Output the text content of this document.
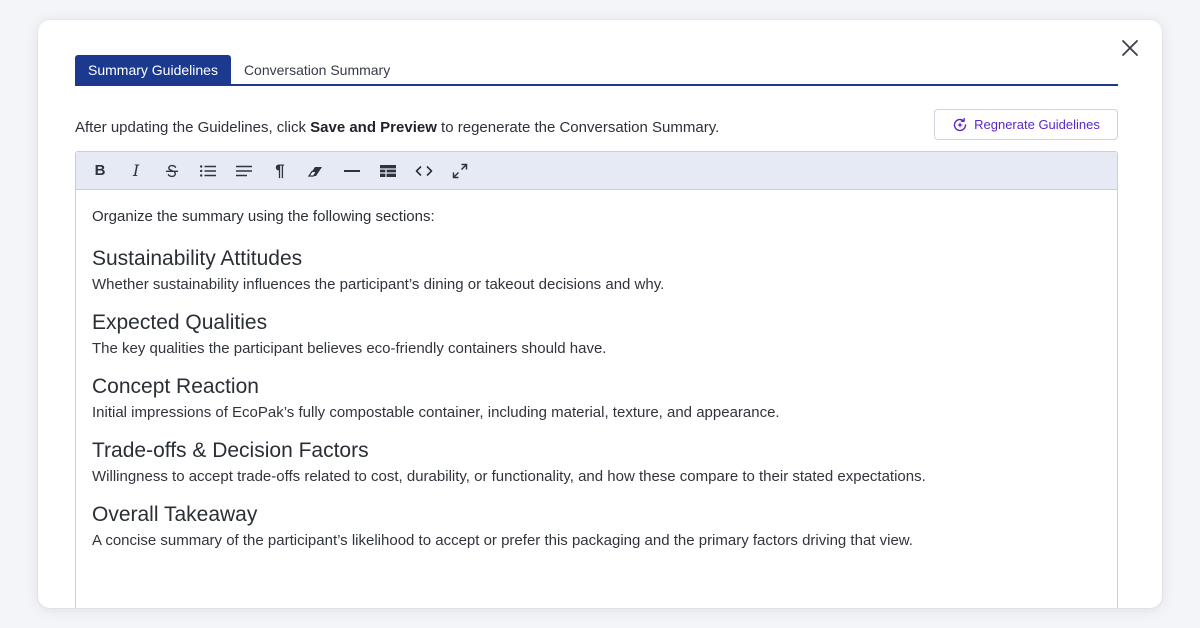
Summary Guidelines	Conversation Summary
After updating the Guidelines, click Save and Preview to regenerate the Conversation Summary.	Regnerate Guidelines
B	I	¶

Organize the summary using the following sections:

Sustainability Attitudes

Whether sustainability influences the participant’s dining or takeout decisions and why.

Expected Qualities

The key qualities the participant believes eco-friendly containers should have.

Concept Reaction

Initial impressions of EcoPak’s fully compostable container, including material, texture, and appearance.

Trade-offs & Decision Factors

Willingness to accept trade-offs related to cost, durability, or functionality, and how these compare to their stated expectations.

Overall Takeaway

A concise summary of the participant’s likelihood to accept or prefer this packaging and the primary factors driving that view.
